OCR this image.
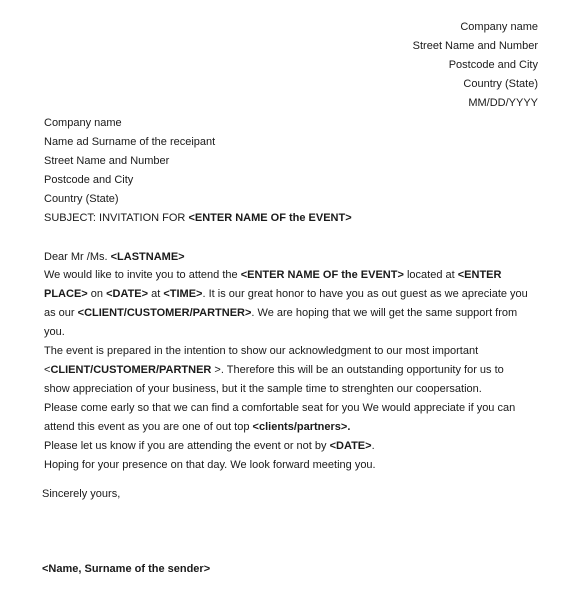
Company name
Street Name and Number
Postcode and City
Country (State)
MM/DD/YYYY
Company name
Name ad Surname of the receipant
Street Name and Number
Postcode and City
Country (State)
SUBJECT: INVITATION FOR <ENTER NAME OF the EVENT>
Dear Mr /Ms. <LASTNAME>
We would like to invite you to attend the <ENTER NAME OF the EVENT> located at <ENTER
PLACE> on <DATE> at <TIME>. It is our great honor to have you as out guest as we apreciate you
as our <CLIENT/CUSTOMER/PARTNER>. We are hoping that we will get the same support from
you.
The event is prepared in the intention to show our acknowledgment to our most important
<CLIENT/CUSTOMER/PARTNER >. Therefore this will be an outstanding opportunity for us to
show appreciation of your business, but it the sample time to strenghten our coopersation.
Please come early so that we can find a comfortable seat for you We would appreciate if you can
attend this event as you are one of out top <clients/partners>.
Please let us know if you are attending the event or not by <DATE>.
Hoping for your presence on that day. We look forward meeting you.
Sincerely yours,
<Name, Surname of the sender>
